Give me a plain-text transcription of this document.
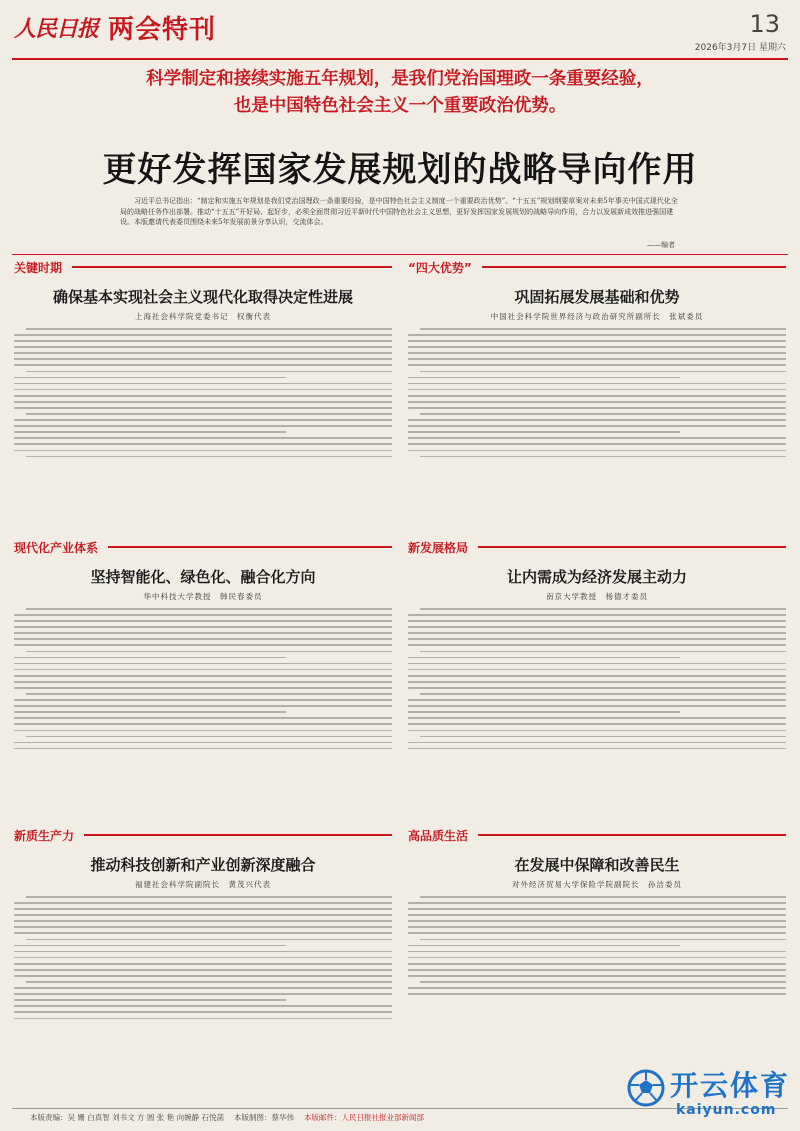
人民日报 两会特刊	13
2026年3月7日 星期六
科学制定和接续实施五年规划，是我们党治国理政一条重要经验，
也是中国特色社会主义一个重要政治优势。
更好发挥国家发展规划的战略导向作用
习近平总书记指出：“制定和实施五年规划是我们党治国理政一条重要经验，是中国特色社会主义制度一个重要政治优势”。“十五五”规划纲要草案对未来5年事关中国式现代化全局的战略任务作出部署。推动“十五五”开好局、起好步，必须全面贯彻习近平新时代中国特色社会主义思想，更好发挥国家发展规划的战略导向作用，合力以发展新成效推进强国建设。本版邀请代表委员围绕未来5年发展前景分享认识，交流体会。
——编者
关键时期
确保基本实现社会主义现代化取得决定性进展
上海社会科学院党委书记　权衡代表
“四大优势”
巩固拓展发展基础和优势
中国社会科学院世界经济与政治研究所副所长　张斌委员
现代化产业体系
坚持智能化、绿色化、融合化方向
华中科技大学教授　韩民春委员
新发展格局
让内需成为经济发展主动力
南京大学教授　杨德才委员
新质生产力
推动科技创新和产业创新深度融合
福建社会科学院副院长　黄茂兴代表
高品质生活
在发展中保障和改善民生
对外经济贸易大学保险学院副院长　孙洁委员
本版责编：吴 姗 白真智 刘书文 方 圆 张 艳 向婉静 石悦菡 本版制图：蔡华伟 本版邮件：人民日报社报业部新闻部
开云体育
kaiyun.com
